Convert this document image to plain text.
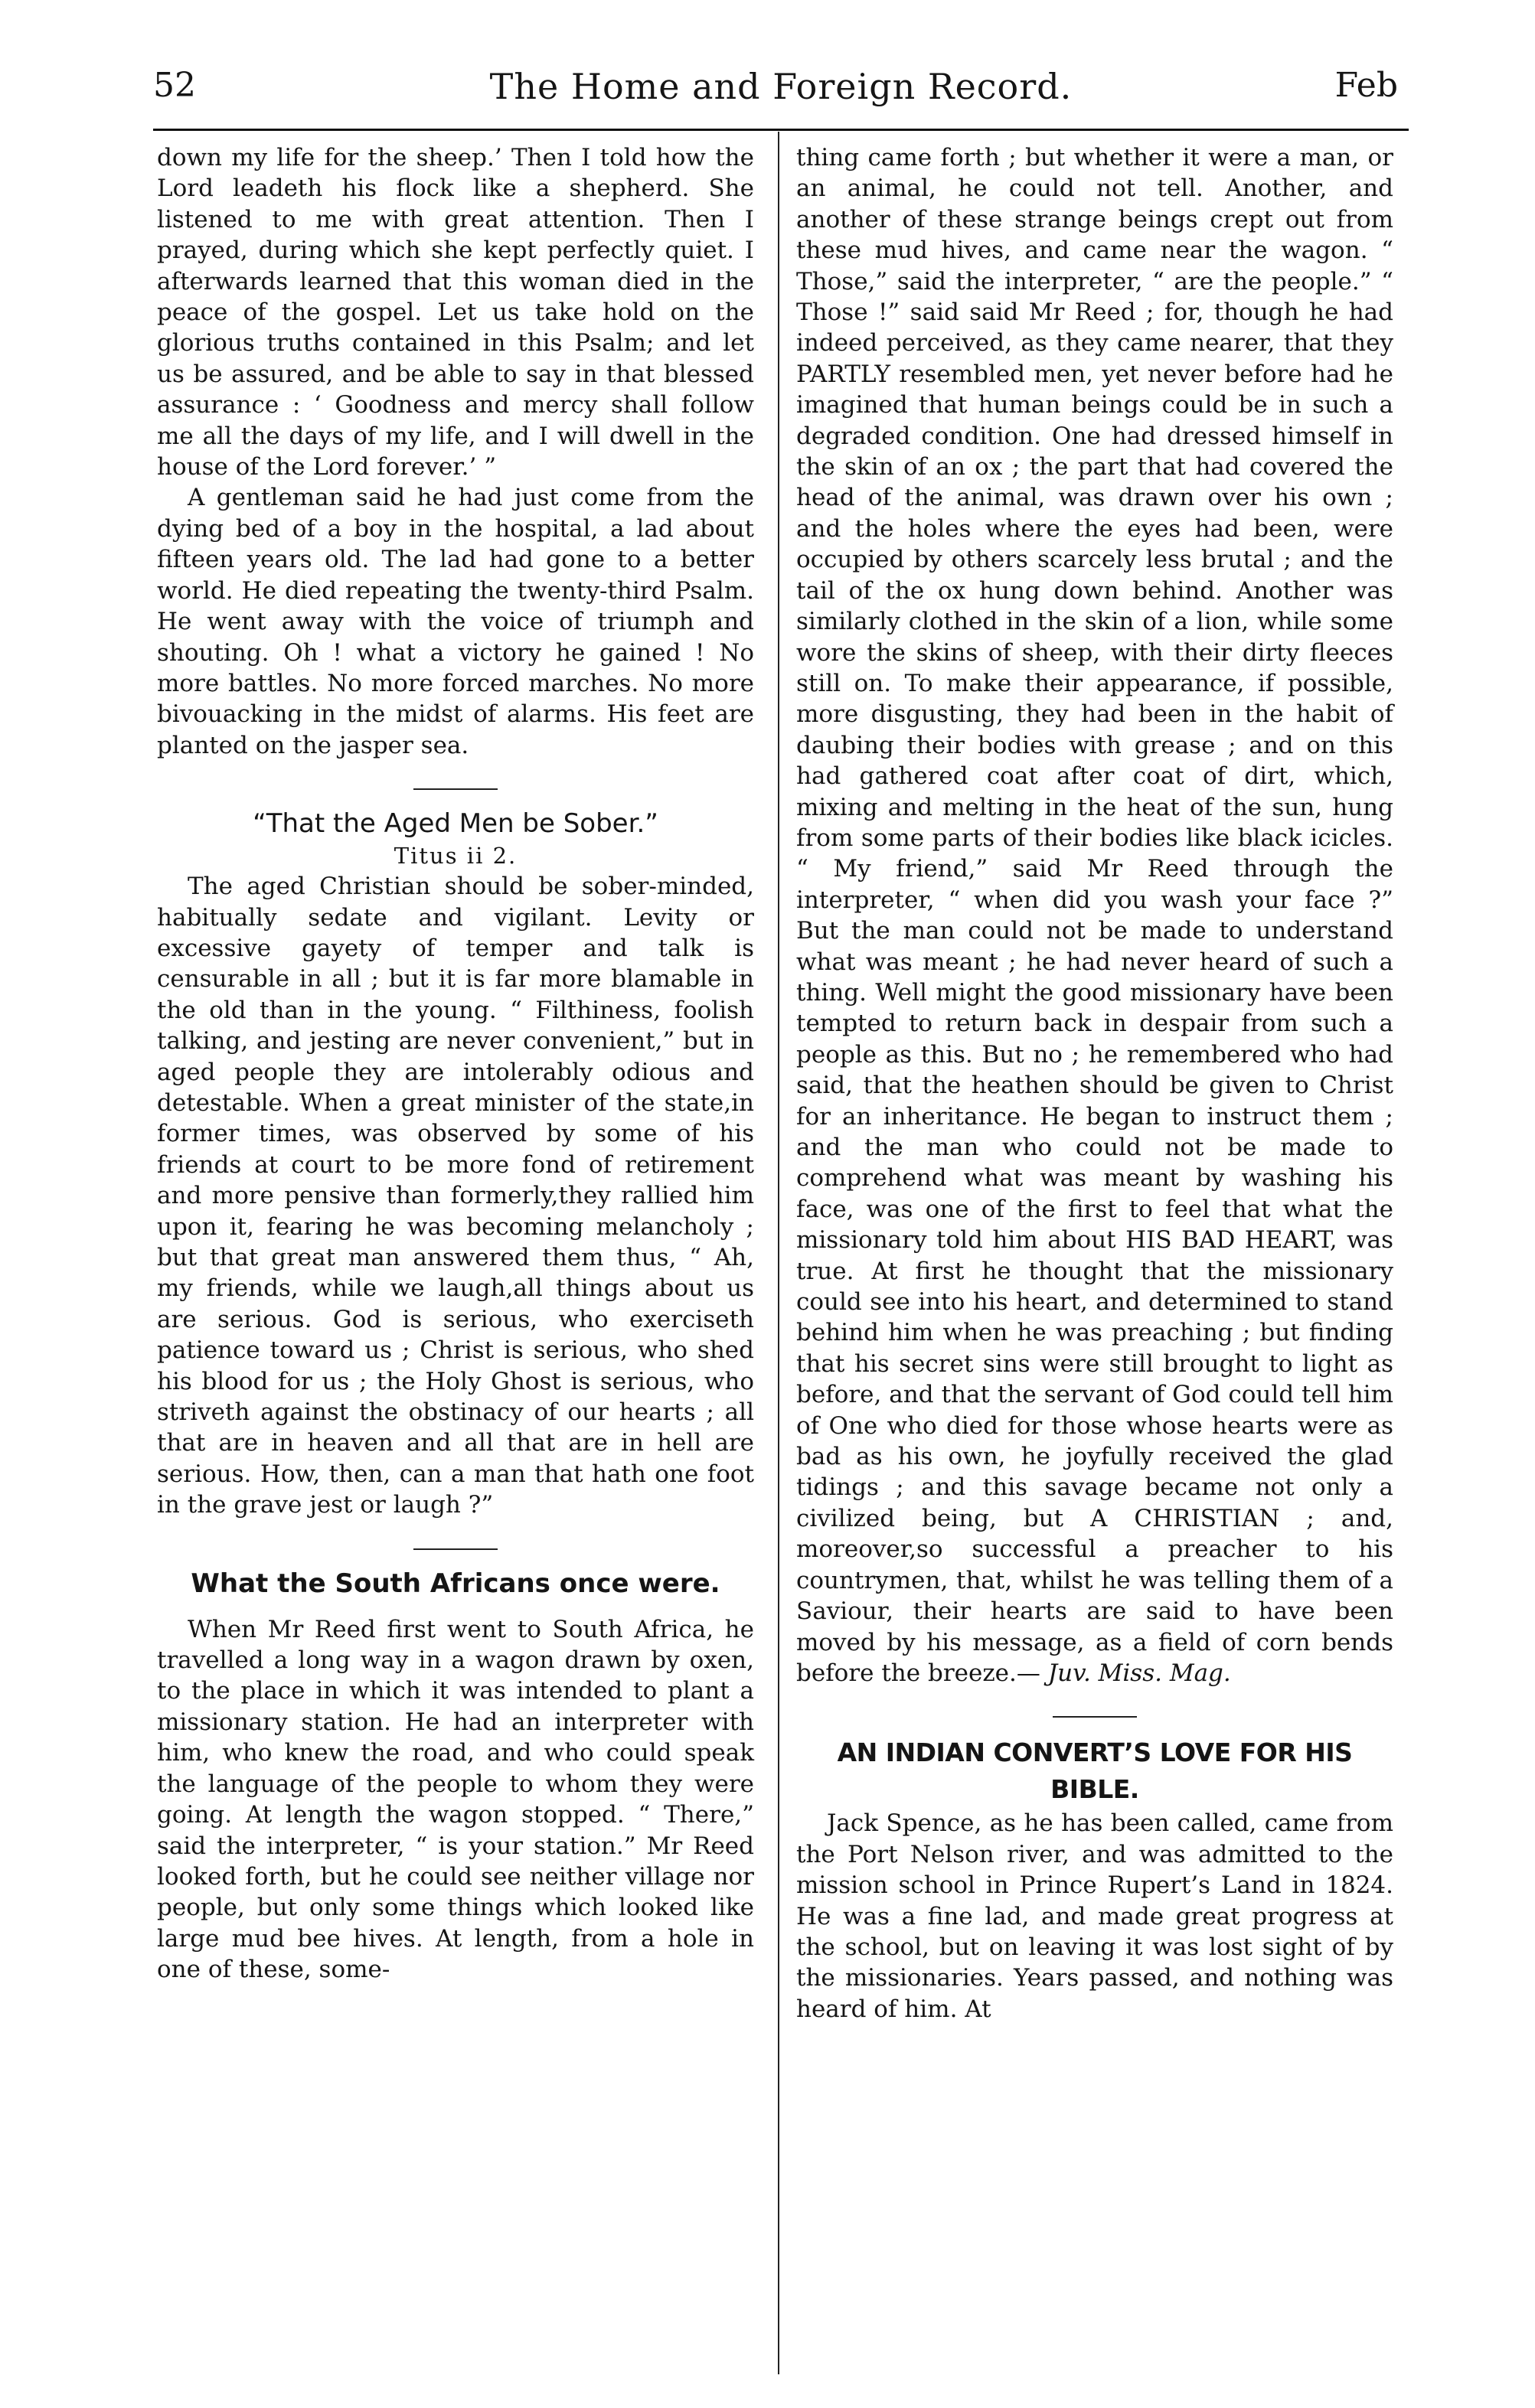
52	The Home and Foreign Record.	Feb

down my life for the sheep.’ Then I told how the Lord leadeth his flock like a shepherd. She listened to me with great attention. Then I prayed, during which she kept perfectly quiet. I afterwards learned that this woman died in the peace of the gospel. Let us take hold on the glorious truths contained in this Psalm; and let us be assured, and be able to say in that blessed assurance : ‘ Goodness and mercy shall follow me all the days of my life, and I will dwell in the house of the Lord forever.’ ”

A gentleman said he had just come from the dying bed of a boy in the hospital, a lad about fifteen years old. The lad had gone to a better world. He died repeating the twenty-third Psalm. He went away with the voice of triumph and shouting. Oh ! what a victory he gained ! No more battles. No more forced marches. No more bivouacking in the midst of alarms. His feet are planted on the jasper sea.

“That the Aged Men be Sober.”

Titus ii 2.

The aged Christian should be sober-minded, habitually sedate and vigilant. Levity or excessive gayety of temper and talk is censurable in all ; but it is far more blamable in the old than in the young. “ Filthiness, foolish talking, and jesting are never convenient,” but in aged people they are intolerably odious and detestable. When a great minister of the state,in former times, was observed by some of his friends at court to be more fond of retirement and more pensive than formerly,they rallied him upon it, fearing he was becoming melancholy ; but that great man answered them thus, “ Ah, my friends, while we laugh,all things about us are serious. God is serious, who exerciseth patience toward us ; Christ is serious, who shed his blood for us ; the Holy Ghost is serious, who striveth against the obstinacy of our hearts ; all that are in heaven and all that are in hell are serious. How, then, can a man that hath one foot in the grave jest or laugh ?”

What the South Africans once were.

When Mr Reed first went to South Africa, he travelled a long way in a wagon drawn by oxen, to the place in which it was intended to plant a missionary station. He had an interpreter with him, who knew the road, and who could speak the language of the people to whom they were going. At length the wagon stopped. “ There,” said the interpreter, “ is your station.” Mr Reed looked forth, but he could see neither village nor people, but only some things which looked like large mud bee hives. At length, from a hole in one of these, some-

thing came forth ; but whether it were a man, or an animal, he could not tell. Another, and another of these strange beings crept out from these mud hives, and came near the wagon. “ Those,” said the interpreter, “ are the people.” “ Those !” said said Mr Reed ; for, though he had indeed perceived, as they came nearer, that they PARTLY resembled men, yet never before had he imagined that human beings could be in such a degraded condition. One had dressed himself in the skin of an ox ; the part that had covered the head of the animal, was drawn over his own ; and the holes where the eyes had been, were occupied by others scarcely less brutal ; and the tail of the ox hung down behind. Another was similarly clothed in the skin of a lion, while some wore the skins of sheep, with their dirty fleeces still on. To make their appearance, if possible, more disgusting, they had been in the habit of daubing their bodies with grease ; and on this had gathered coat after coat of dirt, which, mixing and melting in the heat of the sun, hung from some parts of their bodies like black icicles. “ My friend,” said Mr Reed through the interpreter, “ when did you wash your face ?” But the man could not be made to understand what was meant ; he had never heard of such a thing. Well might the good missionary have been tempted to return back in despair from such a people as this. But no ; he remembered who had said, that the heathen should be given to Christ for an inheritance. He began to instruct them ; and the man who could not be made to comprehend what was meant by washing his face, was one of the first to feel that what the missionary told him about HIS BAD HEART, was true. At first he thought that the missionary could see into his heart, and determined to stand behind him when he was preaching ; but finding that his secret sins were still brought to light as before, and that the servant of God could tell him of One who died for those whose hearts were as bad as his own, he joyfully received the glad tidings ; and this savage became not only a civilized being, but A CHRISTIAN ; and, moreover,so successful a preacher to his countrymen, that, whilst he was telling them of a Saviour, their hearts are said to have been moved by his message, as a field of corn bends before the breeze.— Juv. Miss. Mag.

AN INDIAN CONVERT’S LOVE FOR HIS BIBLE.

Jack Spence, as he has been called, came from the Port Nelson river, and was admitted to the mission school in Prince Rupert’s Land in 1824. He was a fine lad, and made great progress at the school, but on leaving it was lost sight of by the missionaries. Years passed, and nothing was heard of him. At
